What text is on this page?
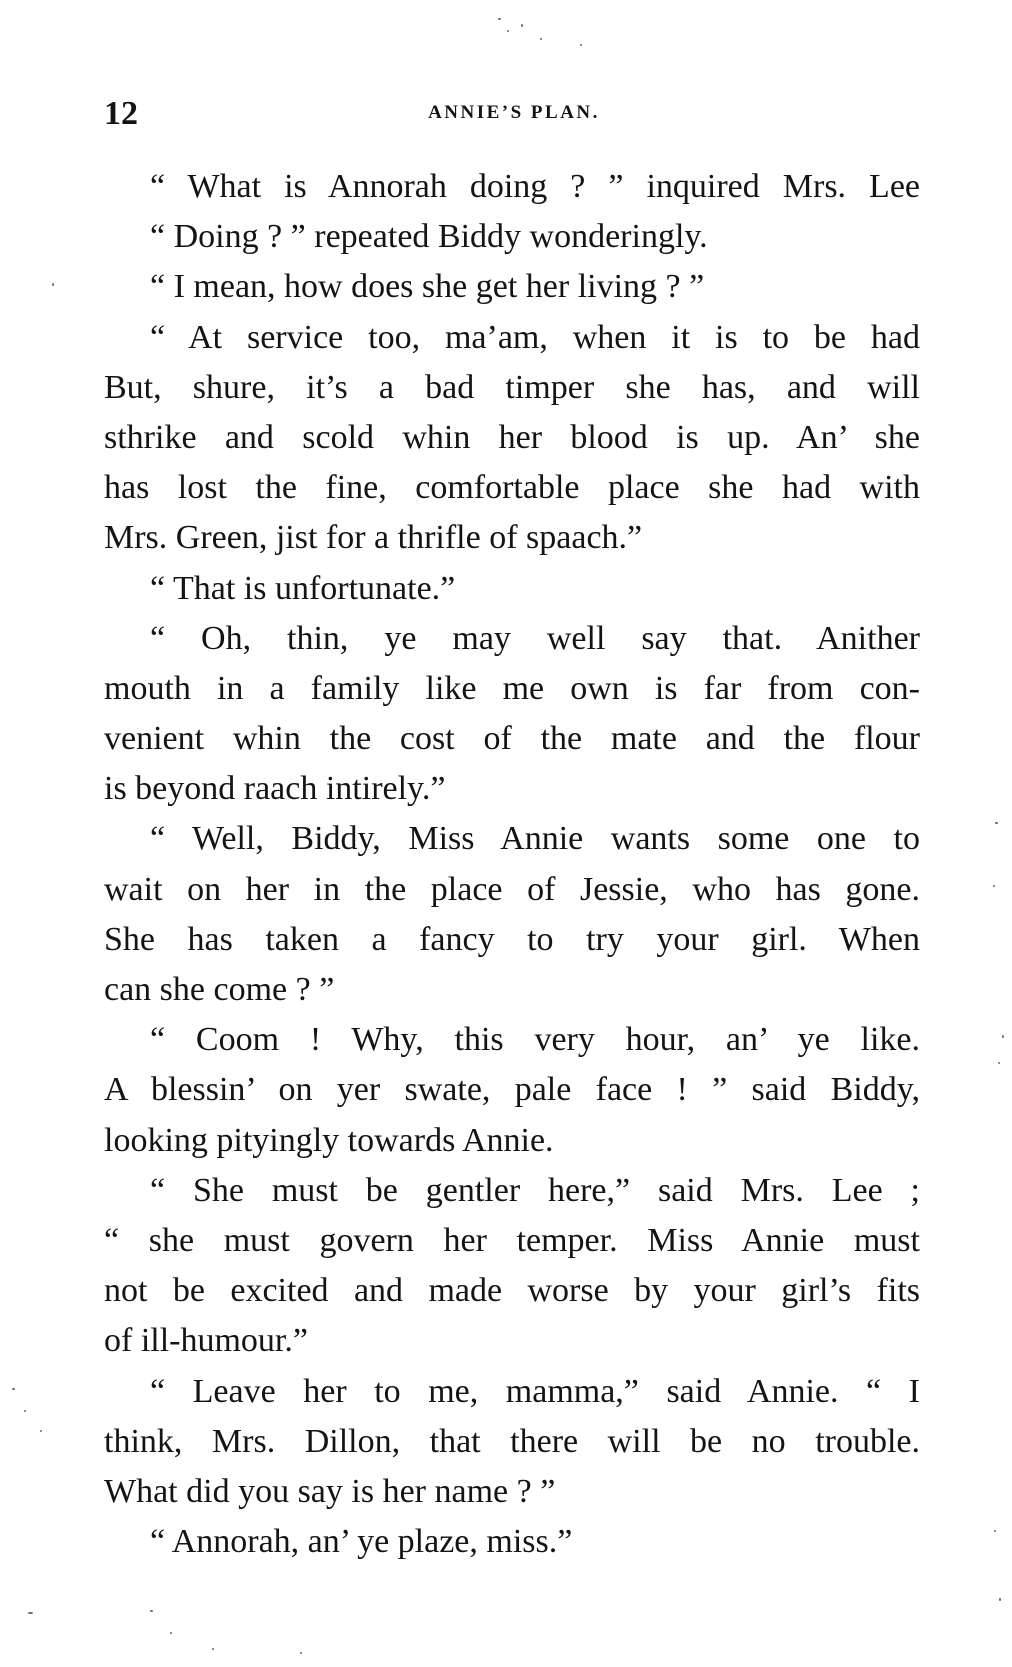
12	ANNIE’S PLAN.
“ What is Annorah doing ? ” inquired Mrs. Lee
“ Doing ? ” repeated Biddy wonderingly.
“ I mean, how does she get her living ? ”
“ At service too, ma’am, when it is to be had
But, shure, it’s a bad timper she has, and will
sthrike and scold whin her blood is up. An’ she
has lost the fine, comfortable place she had with
Mrs. Green, jist for a thrifle of spaach.”
“ That is unfortunate.”
“ Oh, thin, ye may well say that. Anither
mouth in a family like me own is far from con-
venient whin the cost of the mate and the flour
is beyond raach intirely.”
“ Well, Biddy, Miss Annie wants some one to
wait on her in the place of Jessie, who has gone.
She has taken a fancy to try your girl. When
can she come ? ”
“ Coom ! Why, this very hour, an’ ye like.
A blessin’ on yer swate, pale face ! ” said Biddy,
looking pityingly towards Annie.
“ She must be gentler here,” said Mrs. Lee ;
“ she must govern her temper. Miss Annie must
not be excited and made worse by your girl’s fits
of ill-humour.”
“ Leave her to me, mamma,” said Annie. “ I
think, Mrs. Dillon, that there will be no trouble.
What did you say is her name ? ”
“ Annorah, an’ ye plaze, miss.”
